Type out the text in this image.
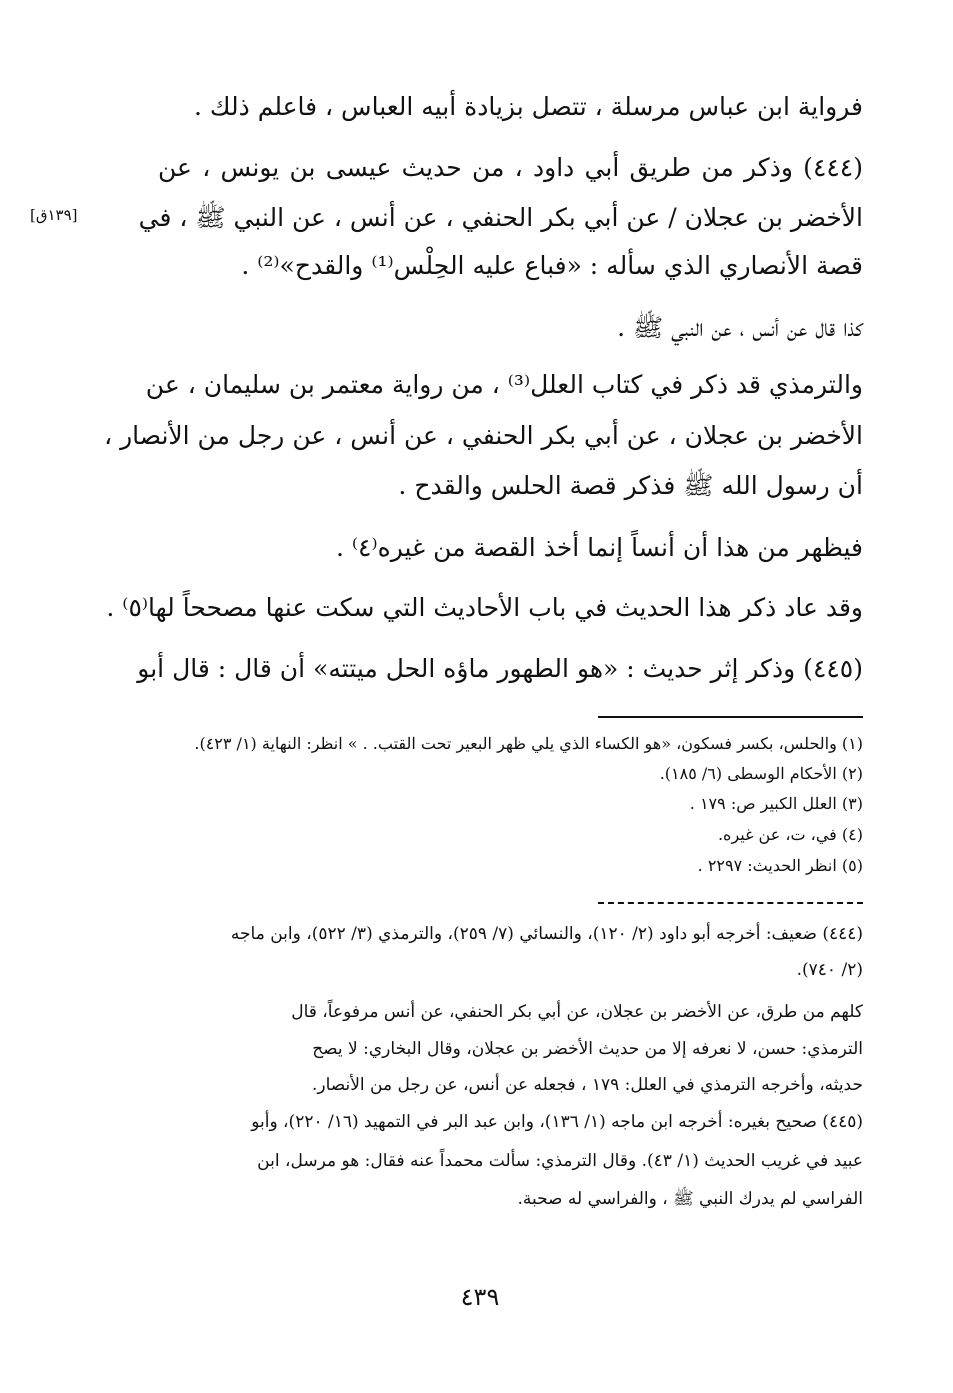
فرواية ابن عباس مرسلة ، تتصل بزيادة أبيه العباس ، فاعلم ذلك .
(٤٤٤) وذكر من طريق أبي داود ، من حديث عيسى بن يونس ، عن
الأخضر بن عجلان / عن أبي بكر الحنفي ، عن أنس ، عن النبي ﷺ ، في
قصة الأنصاري الذي سأله : «فباع عليه الحِلْس⁽¹⁾ والقدح»⁽²⁾ .
كذا قال عن أنس ، عن النبي ﷺ .
والترمذي قد ذكر في كتاب العلل⁽³⁾ ، من رواية معتمر بن سليمان ، عن
الأخضر بن عجلان ، عن أبي بكر الحنفي ، عن أنس ، عن رجل من الأنصار ،
أن رسول الله ﷺ فذكر قصة الحلس والقدح .
فيظهر من هذا أن أنساً إنما أخذ القصة من غيره⁽٤⁾ .
وقد عاد ذكر هذا الحديث في باب الأحاديث التي سكت عنها مصححاً لها⁽٥⁾ .
(٤٤٥) وذكر إثر حديث : «هو الطهور ماؤه الحل ميتته» أن قال : قال أبو
[١٣٩ق]
(١) والحلس، بكسر فسكون، «هو الكساء الذي يلي ظهر البعير تحت القتب. . » انظر: النهاية (١/ ٤٢٣).
(٢) الأحكام الوسطى (٦/ ١٨٥).
(٣) العلل الكبير ص: ١٧٩ .
(٤) في، ت، عن غيره.
(٥) انظر الحديث: ٢٢٩٧ .
(٤٤٤) ضعيف: أخرجه أبو داود (٢/ ١٢٠)، والنسائي (٧/ ٢٥٩)، والترمذي (٣/ ٥٢٢)، وابن ماجه
(٢/ ٧٤٠).
كلهم من طرق، عن الأخضر بن عجلان، عن أبي بكر الحنفي، عن أنس مرفوعاً، قال
الترمذي: حسن، لا نعرفه إلا من حديث الأخضر بن عجلان، وقال البخاري: لا يصح
حديثه، وأخرجه الترمذي في العلل: ١٧٩ ، فجعله عن أنس، عن رجل من الأنصار.
(٤٤٥) صحيح بغيره: أخرجه ابن ماجه (١/ ١٣٦)، وابن عبد البر في التمهيد (١٦/ ٢٢٠)، وأبو
عبيد في غريب الحديث (١/ ٤٣). وقال الترمذي: سألت محمداً عنه فقال: هو مرسل، ابن
الفراسي لم يدرك النبي ﷺ ، والفراسي له صحبة.
٤٣٩
